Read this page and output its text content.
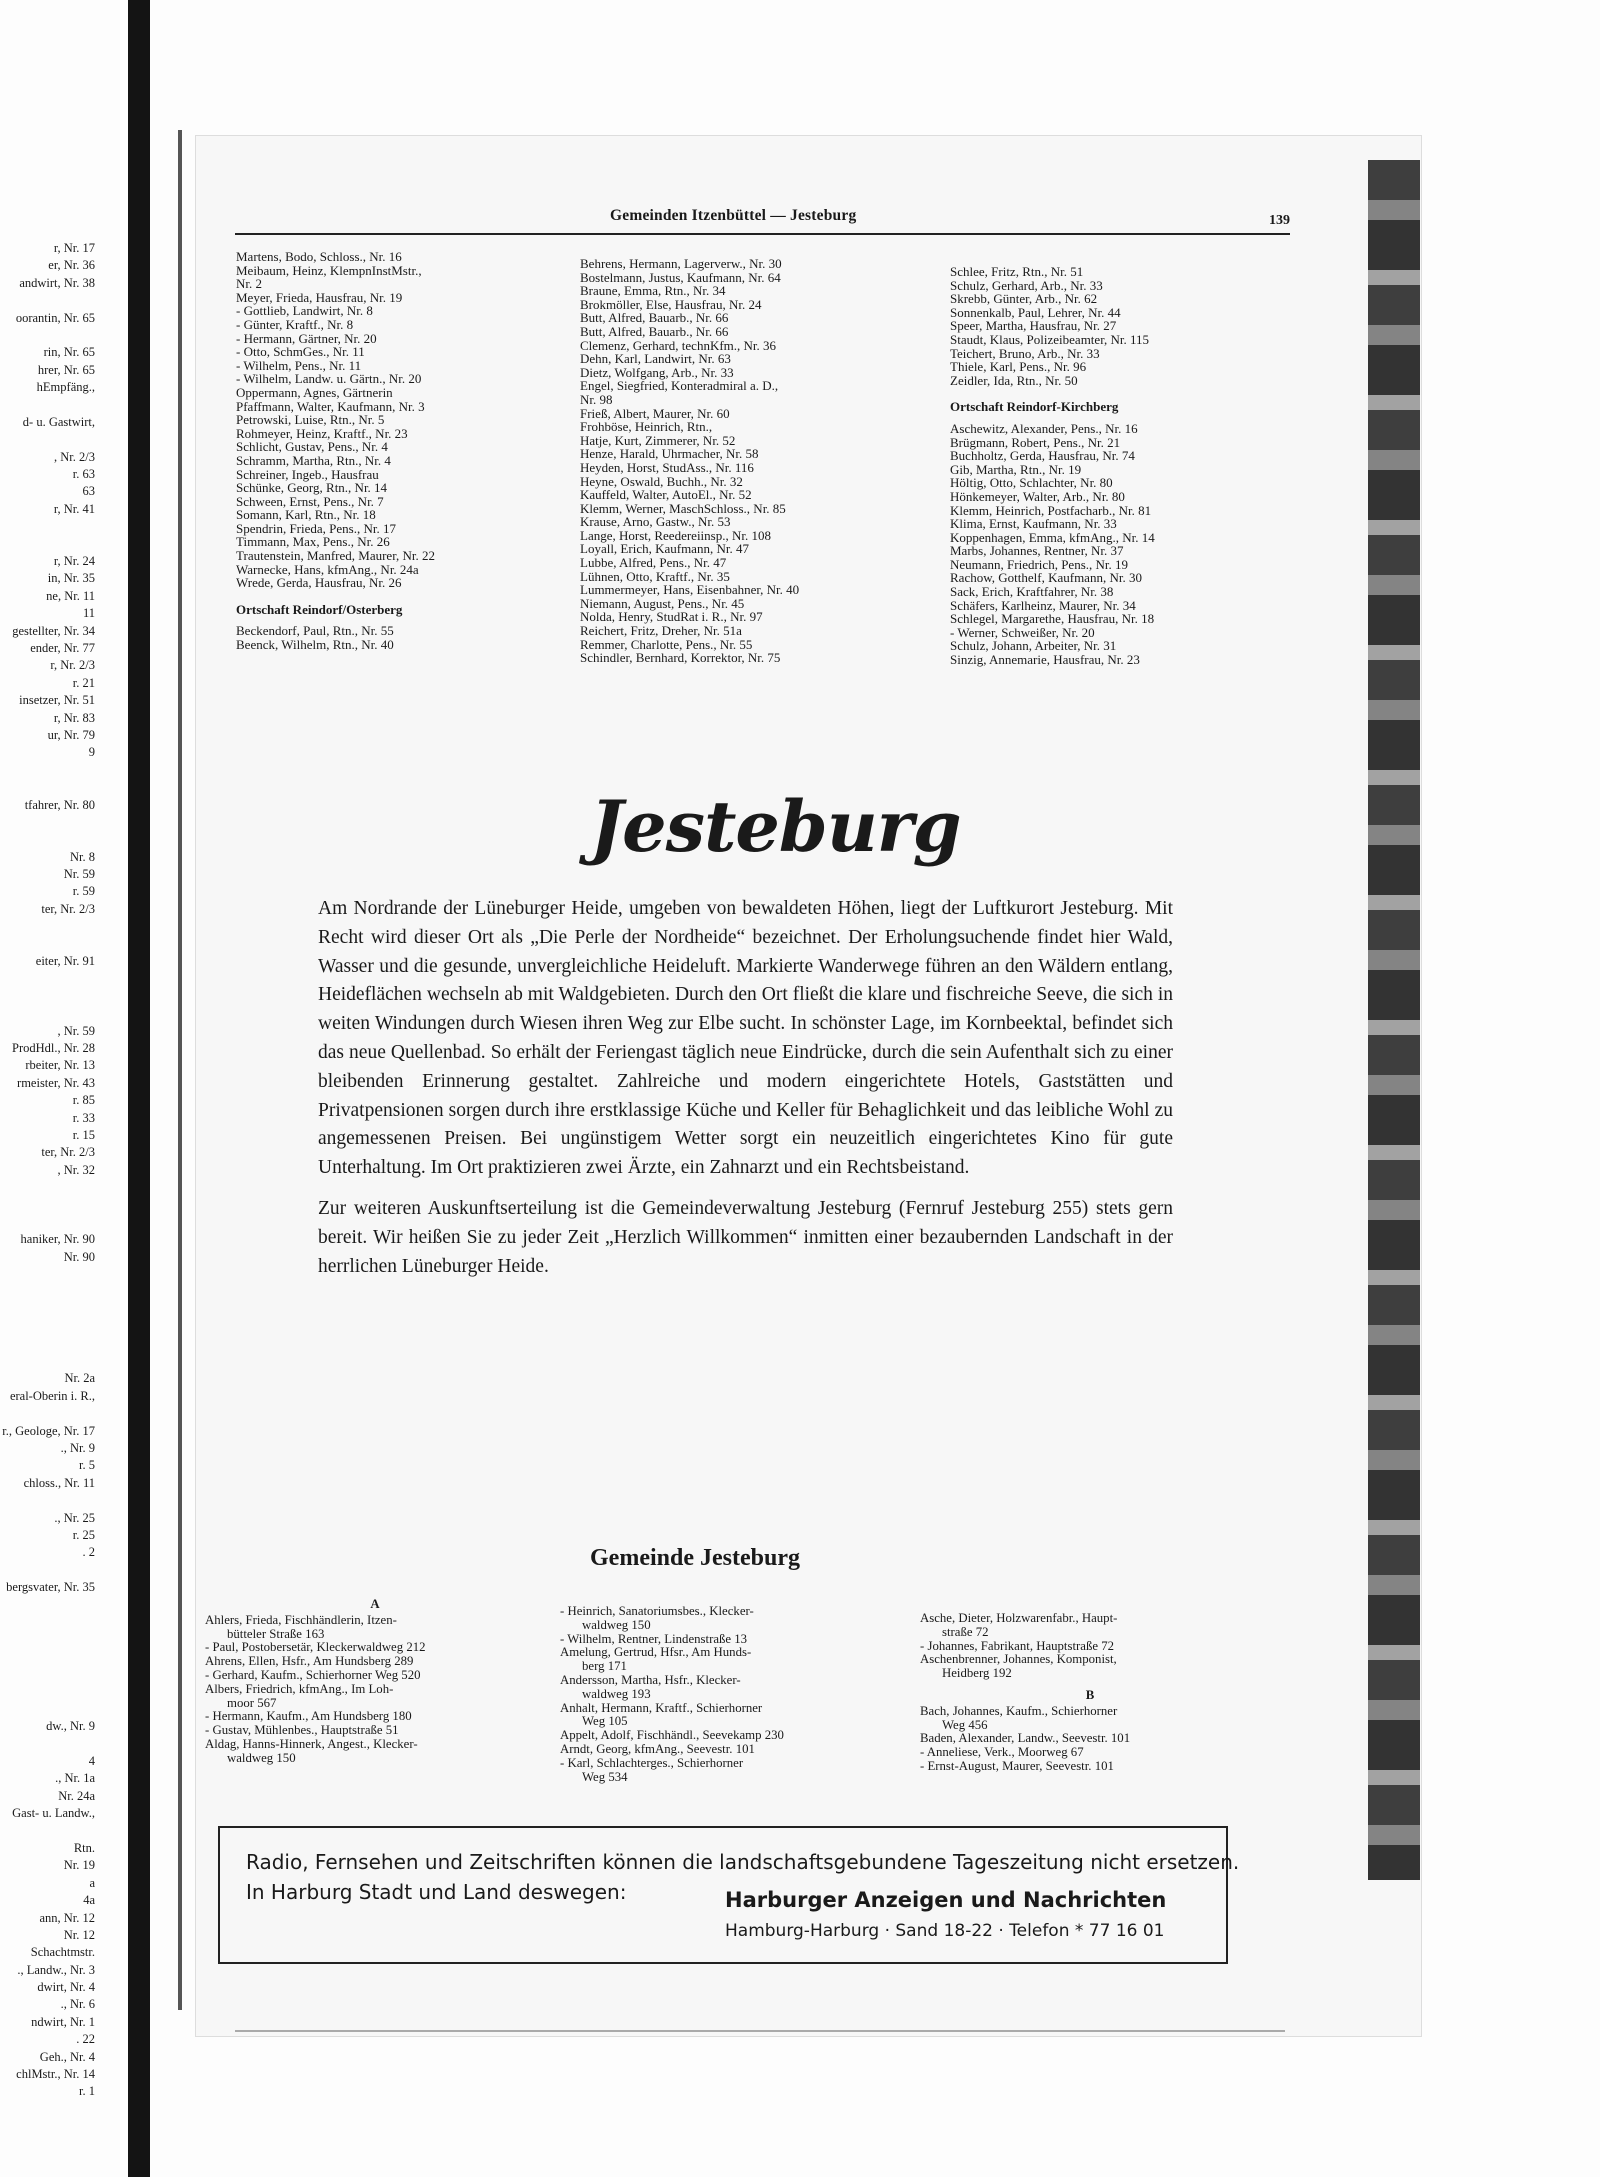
r, Nr. 17
er, Nr. 36
andwirt, Nr. 38
oorantin, Nr. 65
rin, Nr. 65
hrer, Nr. 65
hEmpfäng.,
d- u. Gastwirt,
, Nr. 2/3
r. 63
63
r, Nr. 41
r, Nr. 24
in, Nr. 35
ne, Nr. 11
11
gestellter, Nr. 34
ender, Nr. 77
r, Nr. 2/3
r. 21
insetzer, Nr. 51
r, Nr. 83
ur, Nr. 79
9
tfahrer, Nr. 80
Nr. 8
Nr. 59
r. 59
ter, Nr. 2/3
eiter, Nr. 91
, Nr. 59
ProdHdl., Nr. 28
rbeiter, Nr. 13
rmeister, Nr. 43
r. 85
r. 33
r. 15
ter, Nr. 2/3
, Nr. 32
haniker, Nr. 90
Nr. 90
Nr. 2a
eral-Oberin i. R.,
r., Geologe, Nr. 17
., Nr. 9
r. 5
chloss., Nr. 11
., Nr. 25
r. 25
. 2
bergsvater, Nr. 35
dw., Nr. 9
4
., Nr. 1a
Nr. 24a
Gast- u. Landw.,
Rtn.
Nr. 19
a
4a
ann, Nr. 12
Nr. 12
Schachtmstr.
., Landw., Nr. 3
dwirt, Nr. 4
., Nr. 6
ndwirt, Nr. 1
. 22
Geh., Nr. 4
chlMstr., Nr. 14
r. 1
Gemeinden Itzenbüttel — Jesteburg	139
Martens, Bodo, Schloss., Nr. 16
Meibaum, Heinz, KlempnInstMstr.,
Nr. 2
Meyer, Frieda, Hausfrau, Nr. 19
- Gottlieb, Landwirt, Nr. 8
- Günter, Kraftf., Nr. 8
- Hermann, Gärtner, Nr. 20
- Otto, SchmGes., Nr. 11
- Wilhelm, Pens., Nr. 11
- Wilhelm, Landw. u. Gärtn., Nr. 20
Oppermann, Agnes, Gärtnerin
Pfaffmann, Walter, Kaufmann, Nr. 3
Petrowski, Luise, Rtn., Nr. 5
Rohmeyer, Heinz, Kraftf., Nr. 23
Schlicht, Gustav, Pens., Nr. 4
Schramm, Martha, Rtn., Nr. 4
Schreiner, Ingeb., Hausfrau
Schünke, Georg, Rtn., Nr. 14
Schween, Ernst, Pens., Nr. 7
Somann, Karl, Rtn., Nr. 18
Spendrin, Frieda, Pens., Nr. 17
Timmann, Max, Pens., Nr. 26
Trautenstein, Manfred, Maurer, Nr. 22
Warnecke, Hans, kfmAng., Nr. 24a
Wrede, Gerda, Hausfrau, Nr. 26
Ortschaft Reindorf/Osterberg
Beckendorf, Paul, Rtn., Nr. 55
Beenck, Wilhelm, Rtn., Nr. 40
Behrens, Hermann, Lagerverw., Nr. 30
Bostelmann, Justus, Kaufmann, Nr. 64
Braune, Emma, Rtn., Nr. 34
Brokmöller, Else, Hausfrau, Nr. 24
Butt, Alfred, Bauarb., Nr. 66
Butt, Alfred, Bauarb., Nr. 66
Clemenz, Gerhard, technKfm., Nr. 36
Dehn, Karl, Landwirt, Nr. 63
Dietz, Wolfgang, Arb., Nr. 33
Engel, Siegfried, Konteradmiral a. D.,
Nr. 98
Frieß, Albert, Maurer, Nr. 60
Frohböse, Heinrich, Rtn.,
Hatje, Kurt, Zimmerer, Nr. 52
Henze, Harald, Uhrmacher, Nr. 58
Heyden, Horst, StudAss., Nr. 116
Heyne, Oswald, Buchh., Nr. 32
Kauffeld, Walter, AutoEl., Nr. 52
Klemm, Werner, MaschSchloss., Nr. 85
Krause, Arno, Gastw., Nr. 53
Lange, Horst, Reedereiinsp., Nr. 108
Loyall, Erich, Kaufmann, Nr. 47
Lubbe, Alfred, Pens., Nr. 47
Lühnen, Otto, Kraftf., Nr. 35
Lummermeyer, Hans, Eisenbahner, Nr. 40
Niemann, August, Pens., Nr. 45
Nolda, Henry, StudRat i. R., Nr. 97
Reichert, Fritz, Dreher, Nr. 51a
Remmer, Charlotte, Pens., Nr. 55
Schindler, Bernhard, Korrektor, Nr. 75
Schlee, Fritz, Rtn., Nr. 51
Schulz, Gerhard, Arb., Nr. 33
Skrebb, Günter, Arb., Nr. 62
Sonnenkalb, Paul, Lehrer, Nr. 44
Speer, Martha, Hausfrau, Nr. 27
Staudt, Klaus, Polizeibeamter, Nr. 115
Teichert, Bruno, Arb., Nr. 33
Thiele, Karl, Pens., Nr. 96
Zeidler, Ida, Rtn., Nr. 50
Ortschaft Reindorf-Kirchberg
Aschewitz, Alexander, Pens., Nr. 16
Brügmann, Robert, Pens., Nr. 21
Buchholtz, Gerda, Hausfrau, Nr. 74
Gib, Martha, Rtn., Nr. 19
Höltig, Otto, Schlachter, Nr. 80
Hönkemeyer, Walter, Arb., Nr. 80
Klemm, Heinrich, Postfacharb., Nr. 81
Klima, Ernst, Kaufmann, Nr. 33
Koppenhagen, Emma, kfmAng., Nr. 14
Marbs, Johannes, Rentner, Nr. 37
Neumann, Friedrich, Pens., Nr. 19
Rachow, Gotthelf, Kaufmann, Nr. 30
Sack, Erich, Kraftfahrer, Nr. 38
Schäfers, Karlheinz, Maurer, Nr. 34
Schlegel, Margarethe, Hausfrau, Nr. 18
- Werner, Schweißer, Nr. 20
Schulz, Johann, Arbeiter, Nr. 31
Sinzig, Annemarie, Hausfrau, Nr. 23
Jesteburg

Am Nordrande der Lüneburger Heide, umgeben von bewaldeten Höhen, liegt der Luftkurort Jesteburg. Mit Recht wird dieser Ort als „Die Perle der Nordheide“ bezeichnet. Der Erholungsuchende findet hier Wald, Wasser und die gesunde, unvergleichliche Heideluft. Markierte Wanderwege führen an den Wäldern entlang, Heideflächen wechseln ab mit Waldgebieten. Durch den Ort fließt die klare und fischreiche Seeve, die sich in weiten Windungen durch Wiesen ihren Weg zur Elbe sucht. In schönster Lage, im Kornbeektal, befindet sich das neue Quellenbad. So erhält der Feriengast täglich neue Eindrücke, durch die sein Aufenthalt sich zu einer bleibenden Erinnerung gestaltet. Zahlreiche und modern eingerichtete Hotels, Gaststätten und Privatpensionen sorgen durch ihre erstklassige Küche und Keller für Behaglichkeit und das leibliche Wohl zu angemessenen Preisen. Bei ungünstigem Wetter sorgt ein neuzeitlich eingerichtetes Kino für gute Unterhaltung. Im Ort praktizieren zwei Ärzte, ein Zahnarzt und ein Rechtsbeistand.

Zur weiteren Auskunftserteilung ist die Gemeindeverwaltung Jesteburg (Fernruf Jesteburg 255) stets gern bereit. Wir heißen Sie zu jeder Zeit „Herzlich Willkommen“ inmitten einer bezaubernden Landschaft in der herrlichen Lüneburger Heide.

Gemeinde Jesteburg
A
Ahlers, Frieda, Fischhändlerin, Itzen-
bütteler Straße 163
- Paul, Postobersetär, Kleckerwaldweg 212
Ahrens, Ellen, Hsfr., Am Hundsberg 289
- Gerhard, Kaufm., Schierhorner Weg 520
Albers, Friedrich, kfmAng., Im Loh-
moor 567
- Hermann, Kaufm., Am Hundsberg 180
- Gustav, Mühlenbes., Hauptstraße 51
Aldag, Hanns-Hinnerk, Angest., Klecker-
waldweg 150
- Heinrich, Sanatoriumsbes., Klecker-
waldweg 150
- Wilhelm, Rentner, Lindenstraße 13
Amelung, Gertrud, Hfsr., Am Hunds-
berg 171
Andersson, Martha, Hsfr., Klecker-
waldweg 193
Anhalt, Hermann, Kraftf., Schierhorner
Weg 105
Appelt, Adolf, Fischhändl., Seevekamp 230
Arndt, Georg, kfmAng., Seevestr. 101
- Karl, Schlachterges., Schierhorner
Weg 534
Asche, Dieter, Holzwarenfabr., Haupt-
straße 72
- Johannes, Fabrikant, Hauptstraße 72
Aschenbrenner, Johannes, Komponist,
Heidberg 192
B
Bach, Johannes, Kaufm., Schierhorner
Weg 456
Baden, Alexander, Landw., Seevestr. 101
- Anneliese, Verk., Moorweg 67
- Ernst-August, Maurer, Seevestr. 101
Radio, Fernsehen und Zeitschriften können die landschaftsgebundene Tageszeitung nicht ersetzen.
In Harburg Stadt und Land deswegen:	Harburger Anzeigen und Nachrichten
Hamburg-Harburg · Sand 18-22 · Telefon * 77 16 01
